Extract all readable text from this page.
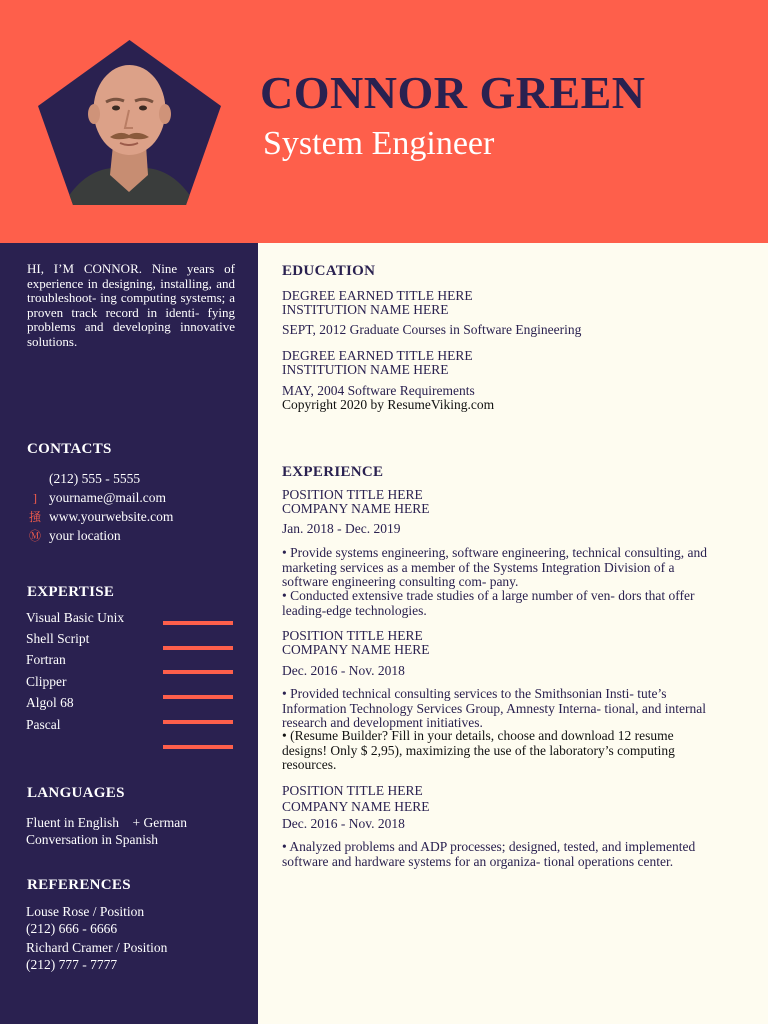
CONNOR GREEN
System Engineer
HI, I’M CONNOR. Nine years of experience in designing, installing, and troubleshoot- ing computing systems; a proven track record in identi- fying problems and developing innovative solutions.
CONTACTS
(212) 555 - 5555
] yourname@mail.com
掻 www.yourwebsite.com
Ⓜ your location
EXPERTISE
Visual Basic Unix
Shell Script
Fortran
Clipper
Algol 68
Pascal
LANGUAGES
Fluent in English    + German
Conversation in Spanish
REFERENCES
Louse Rose / Position
(212) 666 - 6666
Richard Cramer / Position
(212) 777 - 7777
EDUCATION
DEGREE EARNED TITLE HERE
INSTITUTION NAME HERE
SEPT, 2012 Graduate Courses in Software Engineering
DEGREE EARNED TITLE HERE
INSTITUTION NAME HERE
MAY, 2004 Software Requirements
Copyright 2020 by ResumeViking.com
EXPERIENCE
POSITION TITLE HERE
COMPANY NAME HERE
Jan. 2018 - Dec. 2019
• Provide systems engineering, software engineering, technical consulting, and marketing services as a member of the Systems Integration Division of a software engineering consulting com- pany.
• Conducted extensive trade studies of a large number of ven- dors that offer leading-edge technologies.
POSITION TITLE HERE
COMPANY NAME HERE
Dec. 2016 - Nov. 2018
• Provided technical consulting services to the Smithsonian Insti- tute’s Information Technology Services Group, Amnesty Interna- tional, and internal research and development initiatives.
• (Resume Builder? Fill in your details, choose and download 12 resume designs! Only $ 2,95), maximizing the use of the laboratory’s computing resources.
POSITION TITLE HERE
COMPANY NAME HERE
Dec. 2016 - Nov. 2018
• Analyzed problems and ADP processes; designed, tested, and implemented software and hardware systems for an organiza- tional operations center.
